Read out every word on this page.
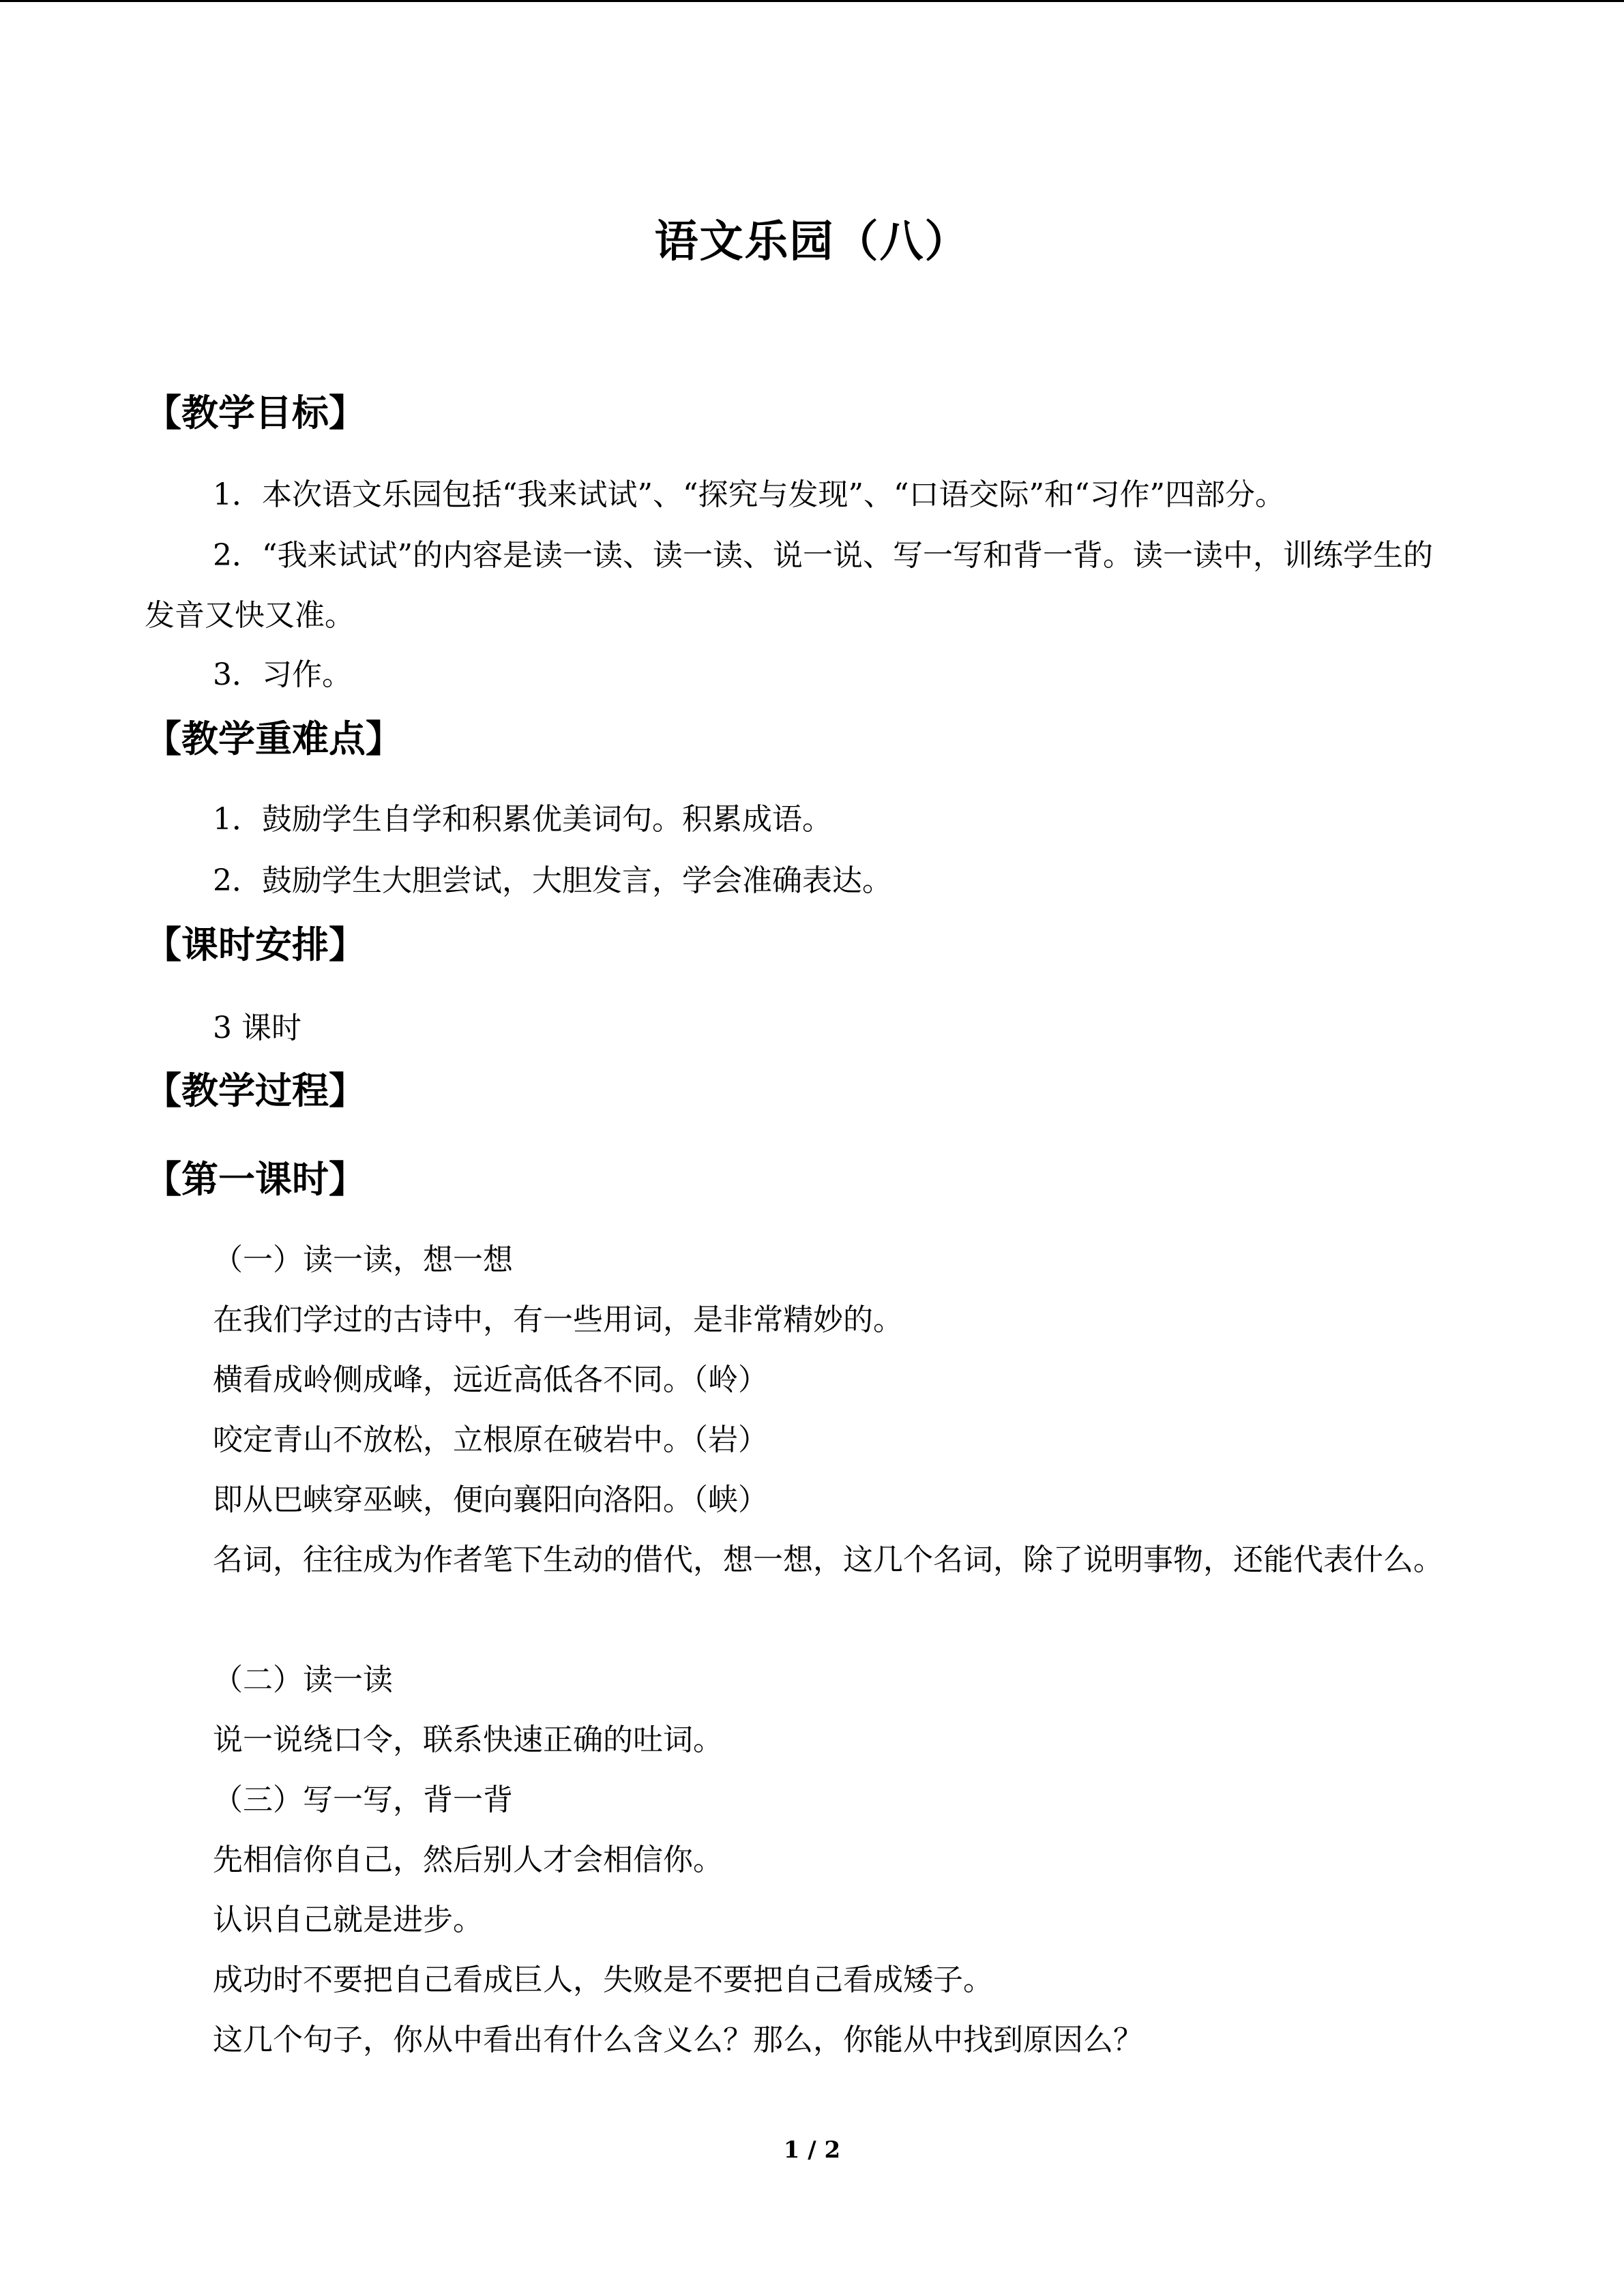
语文乐园（八）
【教学目标】
1．本次语文乐园包括“我来试试”、“探究与发现”、“口语交际”和“习作”四部分。
2．“我来试试”的内容是读一读、读一读、说一说、写一写和背一背。读一读中，训练学生的发音又快又准。
3．习作。
【教学重难点】
1．鼓励学生自学和积累优美词句。积累成语。
2．鼓励学生大胆尝试，大胆发言，学会准确表达。
【课时安排】
3 课时
【教学过程】
【第一课时】
（一）读一读，想一想
在我们学过的古诗中，有一些用词，是非常精妙的。
横看成岭侧成峰，远近高低各不同。（岭）
咬定青山不放松，立根原在破岩中。（岩）
即从巴峡穿巫峡，便向襄阳向洛阳。（峡）
名词，往往成为作者笔下生动的借代，想一想，这几个名词，除了说明事物，还能代表什么。
（二）读一读
说一说绕口令，联系快速正确的吐词。
（三）写一写，背一背
先相信你自己，然后别人才会相信你。
认识自己就是进步。
成功时不要把自己看成巨人，失败是不要把自己看成矮子。
这几个句子，你从中看出有什么含义么？那么，你能从中找到原因么？
1 / 2
